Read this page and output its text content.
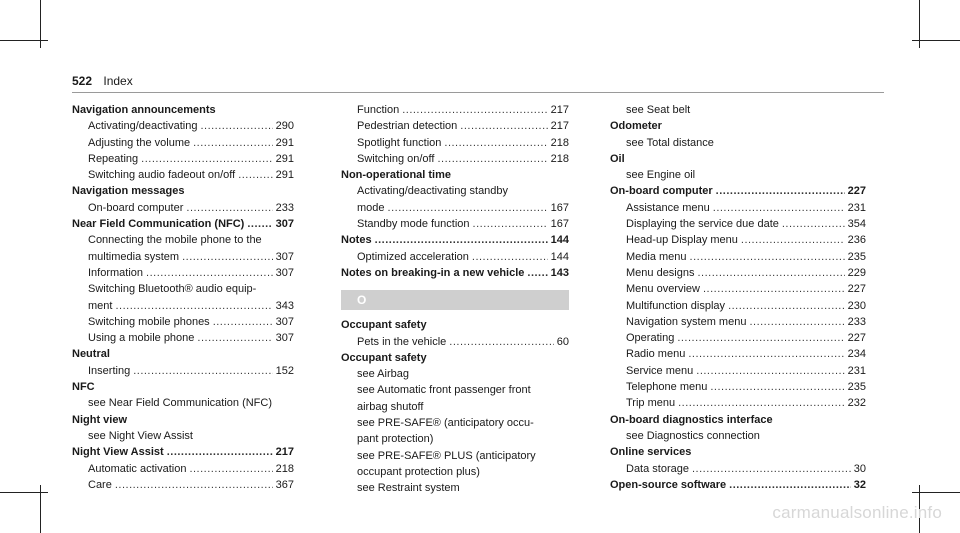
522 Index
Navigation announcements
Activating/deactivating .....	290
Adjusting the volume .....	291
Repeating .....	291
Switching audio fadeout on/off .....	291
Navigation messages
On-board computer .....	233
Near Field Communication (NFC) .....	307
Connecting the mobile phone to the
multimedia system .....	307
Information .....	307
Switching Bluetooth® audio equip-
ment .....	343
Switching mobile phones .....	307
Using a mobile phone .....	307
Neutral
Inserting .....	152
NFC
see Near Field Communication (NFC)
Night view
see Night View Assist
Night View Assist .....	217
Automatic activation .....	218
Care .....	367
Function .....	217
Pedestrian detection .....	217
Spotlight function .....	218
Switching on/off .....	218
Non-operational time
Activating/deactivating standby
mode .....	167
Standby mode function .....	167
Notes .....	144
Optimized acceleration .....	144
Notes on breaking-in a new vehicle ..... 143
O
Occupant safety
Pets in the vehicle .....	60
Occupant safety
see Airbag
see Automatic front passenger front
airbag shutoff
see PRE-SAFE® (anticipatory occu-
pant protection)
see PRE-SAFE® PLUS (anticipatory
occupant protection plus)
see Restraint system
see Seat belt
Odometer
see Total distance
Oil
see Engine oil
On-board computer .....	227
Assistance menu .....	231
Displaying the service due date .....	354
Head-up Display menu .....	236
Media menu .....	235
Menu designs .....	229
Menu overview .....	227
Multifunction display .....	230
Navigation system menu .....	233
Operating .....	227
Radio menu .....	234
Service menu .....	231
Telephone menu .....	235
Trip menu .....	232
On-board diagnostics interface
see Diagnostics connection
Online services
Data storage .....	30
Open-source software .....	32
carmanualsonline.info
